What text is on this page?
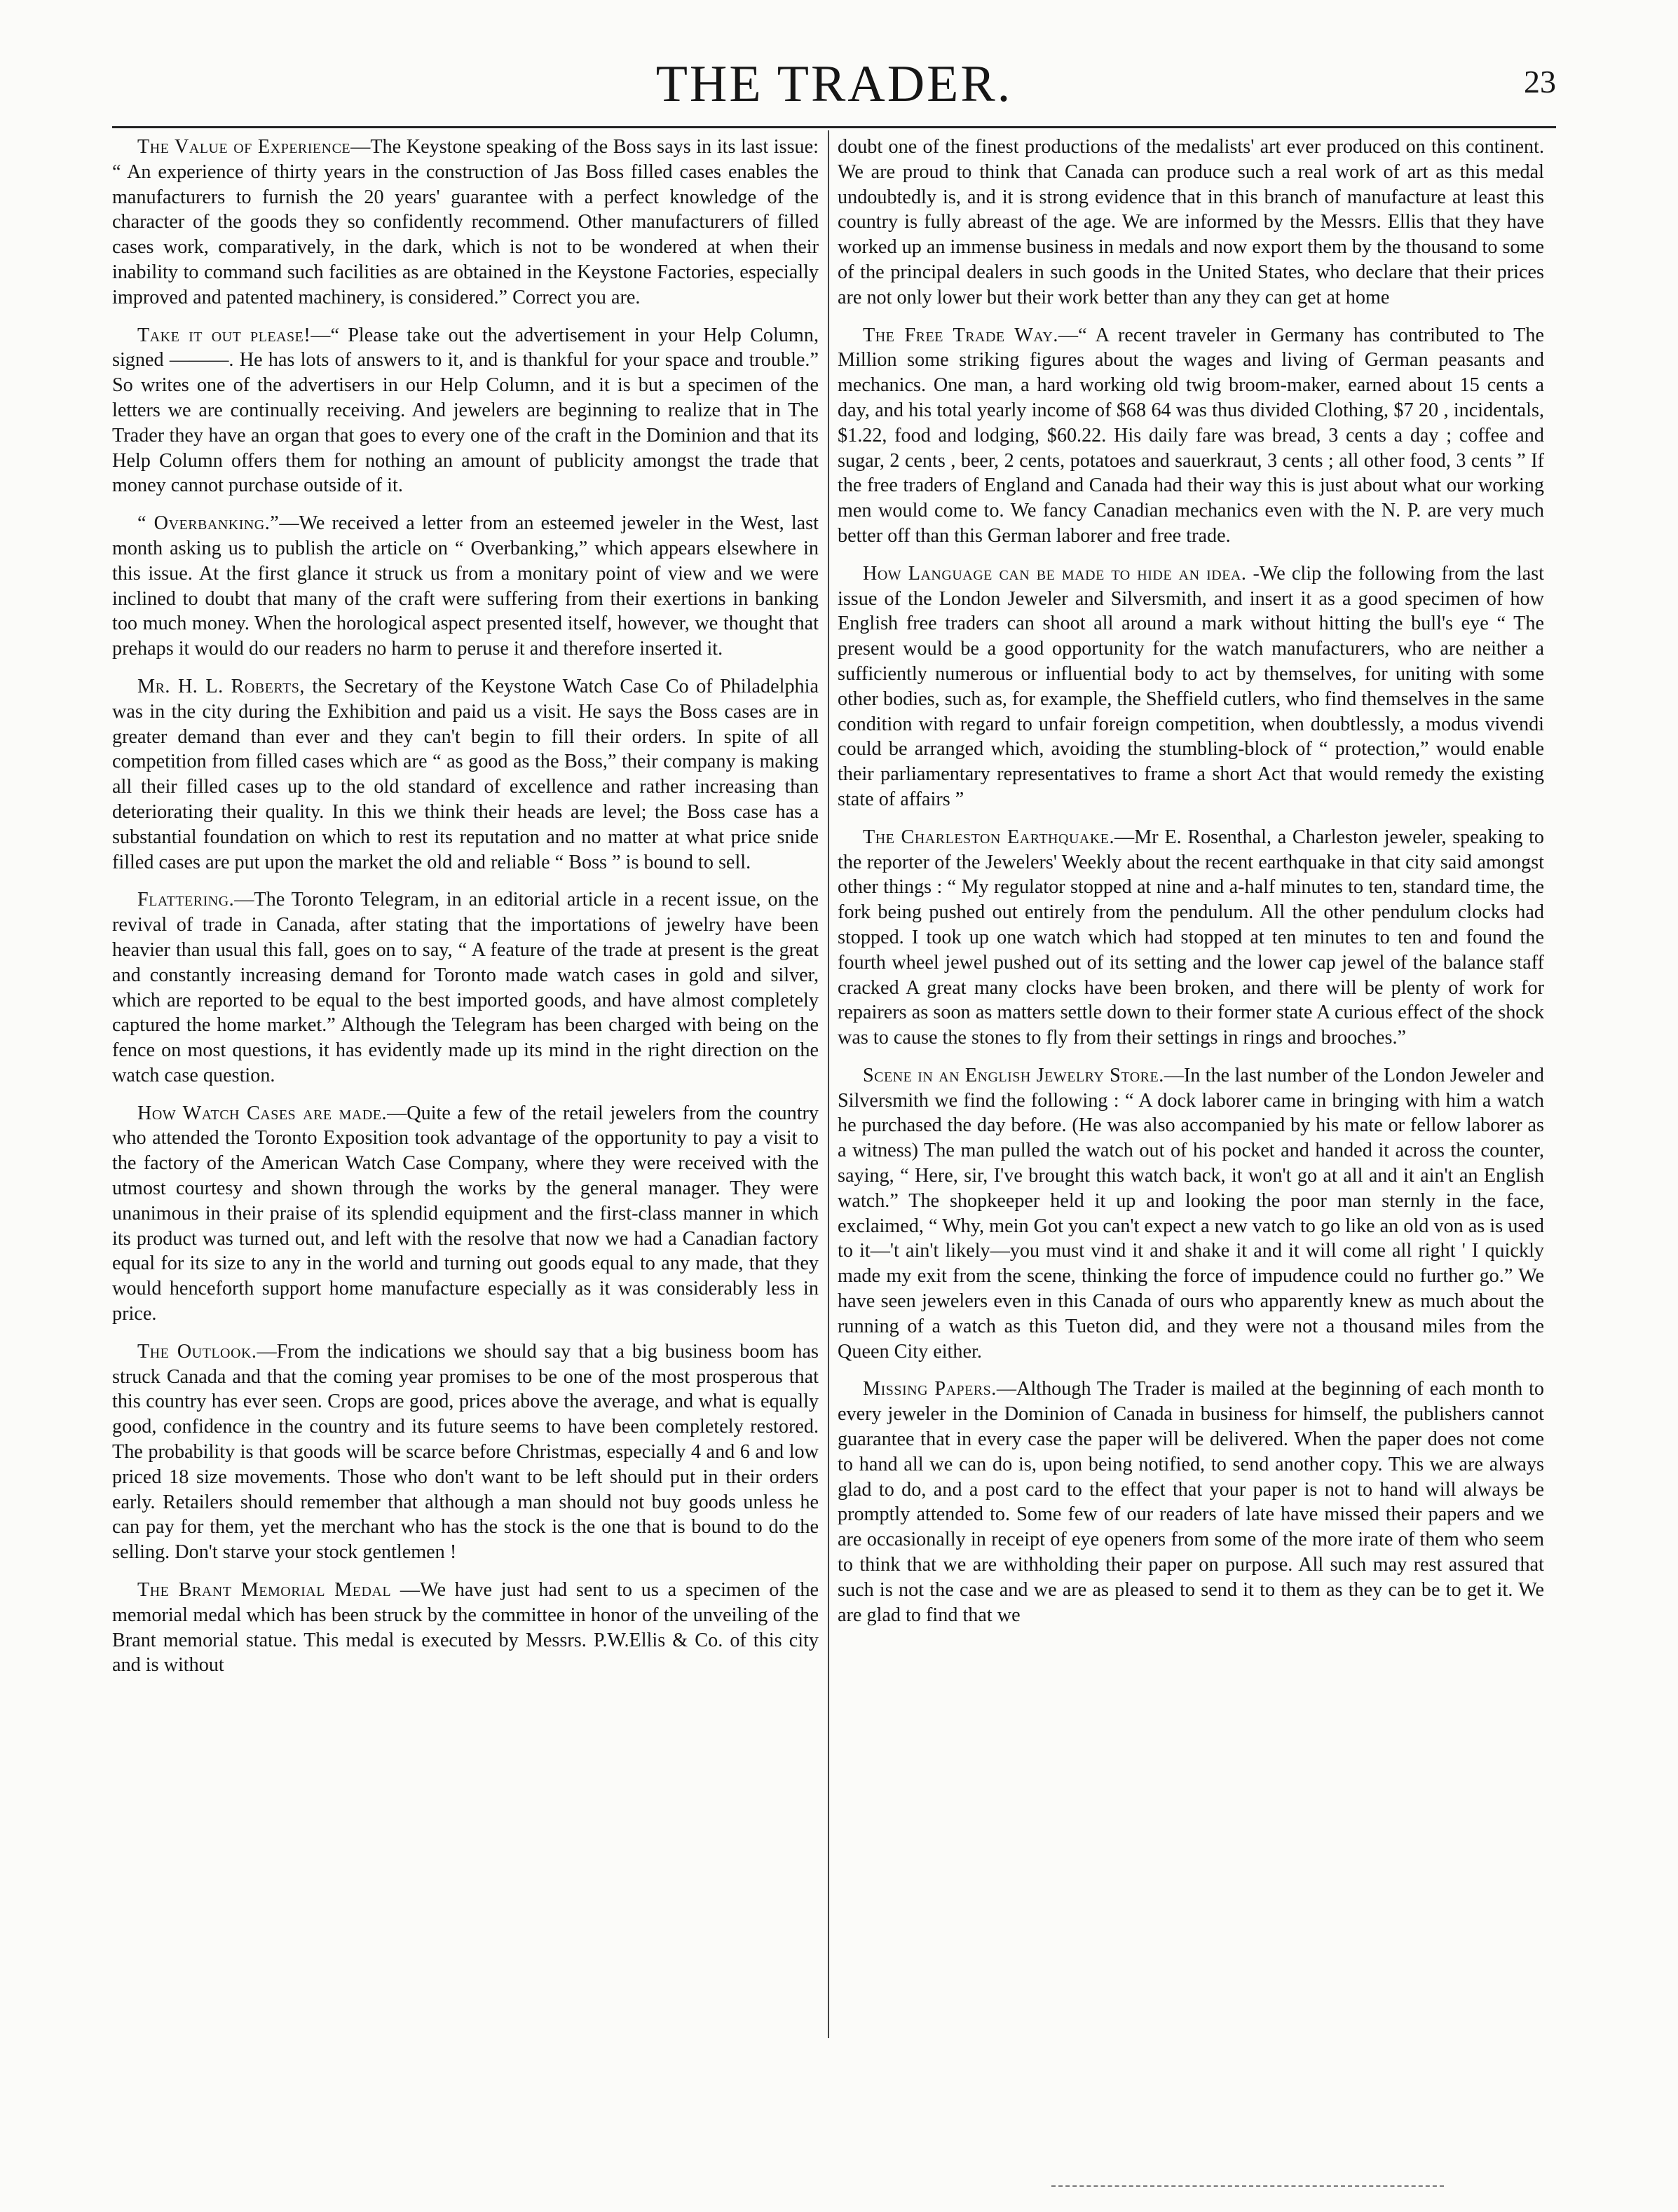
THE TRADER.	23

The Value of Experience—The Keystone speaking of the Boss says in its last issue: “ An experience of thirty years in the construction of Jas Boss filled cases enables the manufacturers to furnish the 20 years' guarantee with a perfect knowledge of the character of the goods they so confidently recommend. Other manufacturers of filled cases work, comparatively, in the dark, which is not to be wondered at when their inability to command such facilities as are obtained in the Keystone Factories, especially improved and patented machinery, is considered.” Correct you are.

Take it out please!—“ Please take out the advertisement in your Help Column, signed ———. He has lots of answers to it, and is thankful for your space and trouble.” So writes one of the advertisers in our Help Column, and it is but a specimen of the letters we are continually receiving. And jewelers are beginning to realize that in The Trader they have an organ that goes to every one of the craft in the Dominion and that its Help Column offers them for nothing an amount of publicity amongst the trade that money cannot purchase outside of it.

“ Overbanking.”—We received a letter from an esteemed jeweler in the West, last month asking us to publish the article on “ Overbanking,” which appears elsewhere in this issue. At the first glance it struck us from a monitary point of view and we were inclined to doubt that many of the craft were suffering from their exertions in banking too much money. When the horological aspect presented itself, however, we thought that prehaps it would do our readers no harm to peruse it and therefore inserted it.

Mr. H. L. Roberts, the Secretary of the Keystone Watch Case Co of Philadelphia was in the city during the Exhibition and paid us a visit. He says the Boss cases are in greater demand than ever and they can't begin to fill their orders. In spite of all competition from filled cases which are “ as good as the Boss,” their company is making all their filled cases up to the old standard of excellence and rather increasing than deteriorating their quality. In this we think their heads are level; the Boss case has a substantial foundation on which to rest its reputation and no matter at what price snide filled cases are put upon the market the old and reliable “ Boss ” is bound to sell.

Flattering.—The Toronto Telegram, in an editorial article in a recent issue, on the revival of trade in Canada, after stating that the importations of jewelry have been heavier than usual this fall, goes on to say, “ A feature of the trade at present is the great and constantly increasing demand for Toronto made watch cases in gold and silver, which are reported to be equal to the best imported goods, and have almost completely captured the home market.” Although the Telegram has been charged with being on the fence on most questions, it has evidently made up its mind in the right direction on the watch case question.

How Watch Cases are made.—Quite a few of the retail jewelers from the country who attended the Toronto Exposition took advantage of the opportunity to pay a visit to the factory of the American Watch Case Company, where they were received with the utmost courtesy and shown through the works by the general manager. They were unanimous in their praise of its splendid equipment and the first-class manner in which its product was turned out, and left with the resolve that now we had a Canadian factory equal for its size to any in the world and turning out goods equal to any made, that they would henceforth support home manufacture especially as it was considerably less in price.

The Outlook.—From the indications we should say that a big business boom has struck Canada and that the coming year promises to be one of the most prosperous that this country has ever seen. Crops are good, prices above the average, and what is equally good, confidence in the country and its future seems to have been completely restored. The probability is that goods will be scarce before Christmas, especially 4 and 6 and low priced 18 size movements. Those who don't want to be left should put in their orders early. Retailers should remember that although a man should not buy goods unless he can pay for them, yet the merchant who has the stock is the one that is bound to do the selling. Don't starve your stock gentlemen !

The Brant Memorial Medal —We have just had sent to us a specimen of the memorial medal which has been struck by the committee in honor of the unveiling of the Brant memorial statue. This medal is executed by Messrs. P.W.Ellis & Co. of this city and is without

doubt one of the finest productions of the medalists' art ever produced on this continent. We are proud to think that Canada can produce such a real work of art as this medal undoubtedly is, and it is strong evidence that in this branch of manufacture at least this country is fully abreast of the age. We are informed by the Messrs. Ellis that they have worked up an immense business in medals and now export them by the thousand to some of the principal dealers in such goods in the United States, who declare that their prices are not only lower but their work better than any they can get at home

The Free Trade Way.—“ A recent traveler in Germany has contributed to The Million some striking figures about the wages and living of German peasants and mechanics. One man, a hard working old twig broom-maker, earned about 15 cents a day, and his total yearly income of $68 64 was thus divided Clothing, $7 20 , incidentals, $1.22, food and lodging, $60.22. His daily fare was bread, 3 cents a day ; coffee and sugar, 2 cents , beer, 2 cents, potatoes and sauerkraut, 3 cents ; all other food, 3 cents ” If the free traders of England and Canada had their way this is just about what our working men would come to. We fancy Canadian mechanics even with the N. P. are very much better off than this German laborer and free trade.

How Language can be made to hide an idea. -We clip the following from the last issue of the London Jeweler and Silversmith, and insert it as a good specimen of how English free traders can shoot all around a mark without hitting the bull's eye “ The present would be a good opportunity for the watch manufacturers, who are neither a sufficiently numerous or influential body to act by themselves, for uniting with some other bodies, such as, for example, the Sheffield cutlers, who find themselves in the same condition with regard to unfair foreign competition, when doubtlessly, a modus vivendi could be arranged which, avoiding the stumbling-block of “ protection,” would enable their parliamentary representatives to frame a short Act that would remedy the existing state of affairs ”

The Charleston Earthquake.—Mr E. Rosenthal, a Charleston jeweler, speaking to the reporter of the Jewelers' Weekly about the recent earthquake in that city said amongst other things : “ My regulator stopped at nine and a-half minutes to ten, standard time, the fork being pushed out entirely from the pendulum. All the other pendulum clocks had stopped. I took up one watch which had stopped at ten minutes to ten and found the fourth wheel jewel pushed out of its setting and the lower cap jewel of the balance staff cracked A great many clocks have been broken, and there will be plenty of work for repairers as soon as matters settle down to their former state A curious effect of the shock was to cause the stones to fly from their settings in rings and brooches.”

Scene in an English Jewelry Store.—In the last number of the London Jeweler and Silversmith we find the following : “ A dock laborer came in bringing with him a watch he purchased the day before. (He was also accompanied by his mate or fellow laborer as a witness) The man pulled the watch out of his pocket and handed it across the counter, saying, “ Here, sir, I've brought this watch back, it won't go at all and it ain't an English watch.” The shopkeeper held it up and looking the poor man sternly in the face, exclaimed, “ Why, mein Got you can't expect a new vatch to go like an old von as is used to it—'t ain't likely—you must vind it and shake it and it will come all right ' I quickly made my exit from the scene, thinking the force of impudence could no further go.” We have seen jewelers even in this Canada of ours who apparently knew as much about the running of a watch as this Tueton did, and they were not a thousand miles from the Queen City either.

Missing Papers.—Although The Trader is mailed at the beginning of each month to every jeweler in the Dominion of Canada in business for himself, the publishers cannot guarantee that in every case the paper will be delivered. When the paper does not come to hand all we can do is, upon being notified, to send another copy. This we are always glad to do, and a post card to the effect that your paper is not to hand will always be promptly attended to. Some few of our readers of late have missed their papers and we are occasionally in receipt of eye openers from some of the more irate of them who seem to think that we are withholding their paper on purpose. All such may rest assured that such is not the case and we are as pleased to send it to them as they can be to get it. We are glad to find that we
